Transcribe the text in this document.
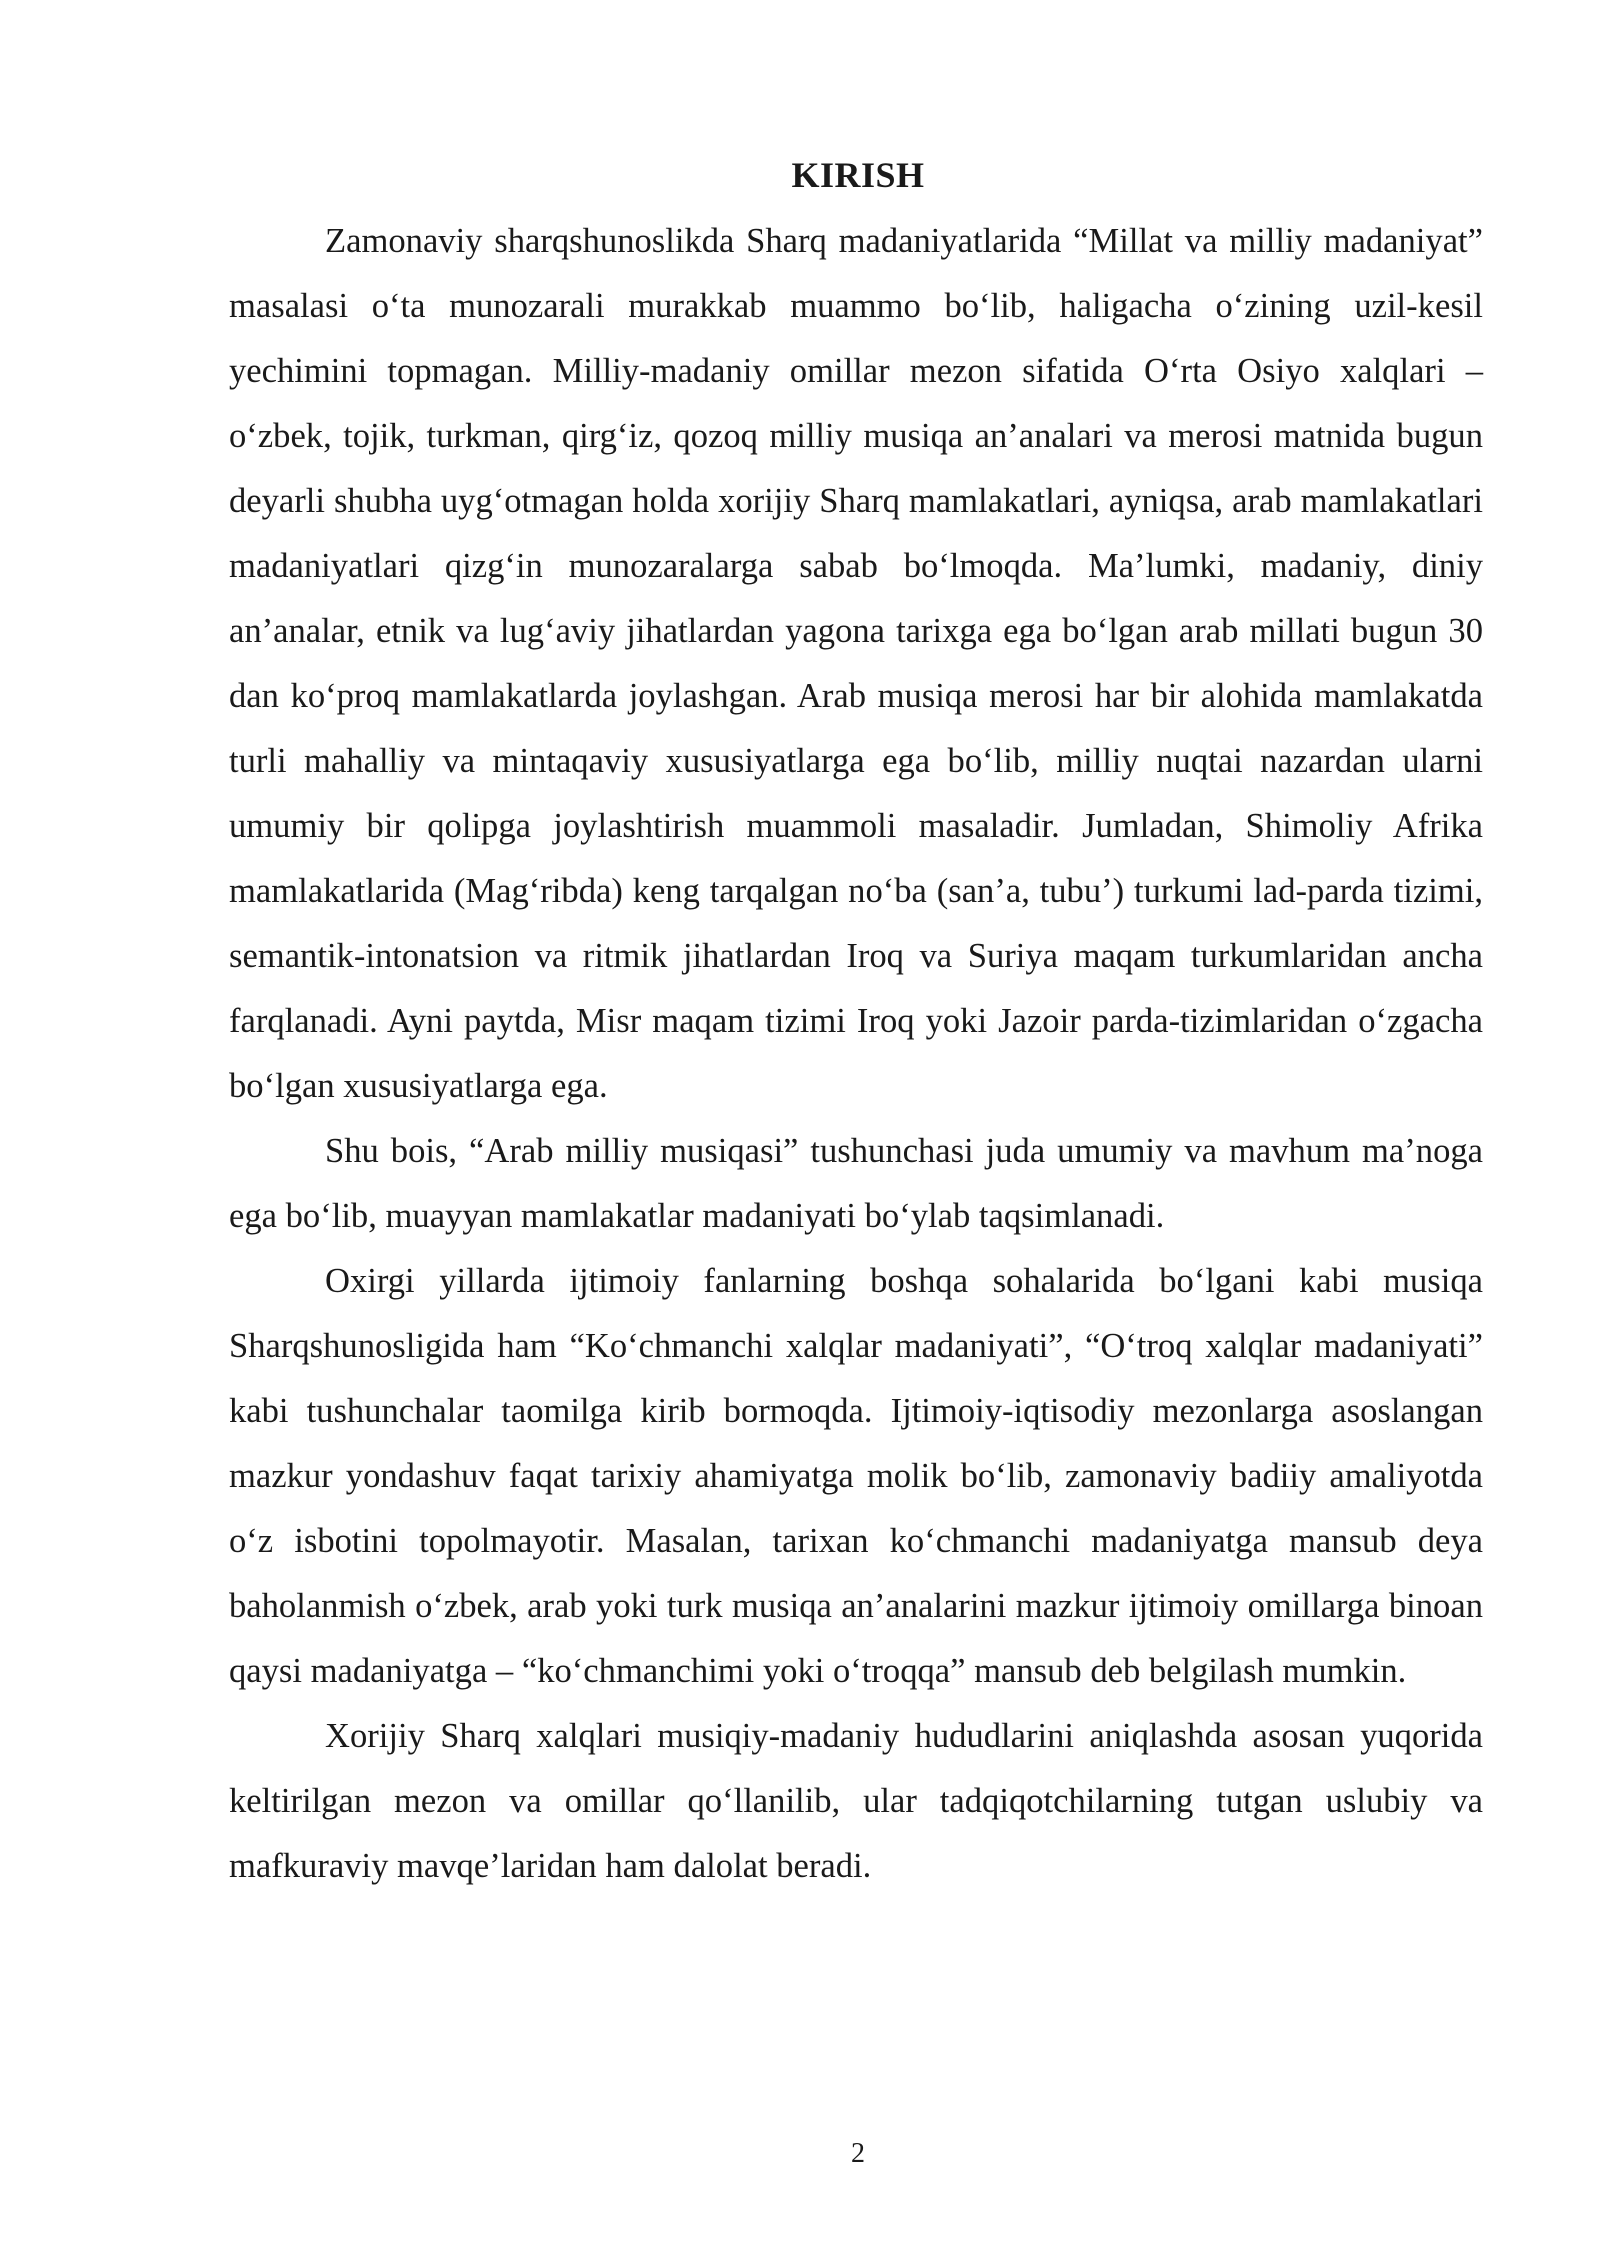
KIRISH

Zamonaviy sharqshunoslikda Sharq madaniyatlarida “Millat va milliy madaniyat” masalasi o‘ta munozarali murakkab muammo bo‘lib, haligacha o‘zining uzil-kesil yechimini topmagan. Milliy-madaniy omillar mezon sifatida O‘rta Osiyo xalqlari – o‘zbek, tojik, turkman, qirg‘iz, qozoq milliy musiqa an’analari va merosi matnida bugun deyarli shubha uyg‘otmagan holda xorijiy Sharq mamlakatlari, ayniqsa, arab mamlakatlari madaniyatlari qizg‘in munozaralarga sabab bo‘lmoqda. Ma’lumki, madaniy, diniy an’analar, etnik va lug‘aviy jihatlardan yagona tarixga ega bo‘lgan arab millati bugun 30 dan ko‘proq mamlakatlarda joylashgan. Arab musiqa merosi har bir alohida mamlakatda turli mahalliy va mintaqaviy xususiyatlarga ega bo‘lib, milliy nuqtai nazardan ularni umumiy bir qolipga joylashtirish muammoli masaladir. Jumladan, Shimoliy Afrika mamlakatlarida (Mag‘ribda) keng tarqalgan no‘ba (san’a, tubu’) turkumi lad-parda tizimi, semantik-intonatsion va ritmik jihatlardan Iroq va Suriya maqam turkumlaridan ancha farqlanadi. Ayni paytda, Misr maqam tizimi Iroq yoki Jazoir parda-tizimlaridan o‘zgacha bo‘lgan xususiyatlarga ega.

Shu bois, “Arab milliy musiqasi” tushunchasi juda umumiy va mavhum ma’noga ega bo‘lib, muayyan mamlakatlar madaniyati bo‘ylab taqsimlanadi.

Oxirgi yillarda ijtimoiy fanlarning boshqa sohalarida bo‘lgani kabi musiqa Sharqshunosligida ham “Ko‘chmanchi xalqlar madaniyati”, “O‘troq xalqlar madaniyati” kabi tushunchalar taomilga kirib bormoqda. Ijtimoiy-iqtisodiy mezonlarga asoslangan mazkur yondashuv faqat tarixiy ahamiyatga molik bo‘lib, zamonaviy badiiy amaliyotda o‘z isbotini topolmayotir. Masalan, tarixan ko‘chmanchi madaniyatga mansub deya baholanmish o‘zbek, arab yoki turk musiqa an’analarini mazkur ijtimoiy omillarga binoan qaysi madaniyatga – “ko‘chmanchimi yoki o‘troqqa” mansub deb belgilash mumkin.

Xorijiy Sharq xalqlari musiqiy-madaniy hududlarini aniqlashda asosan yuqorida keltirilgan mezon va omillar qo‘llanilib, ular tadqiqotchilarning tutgan uslubiy va mafkuraviy mavqe’laridan ham dalolat beradi.

2
